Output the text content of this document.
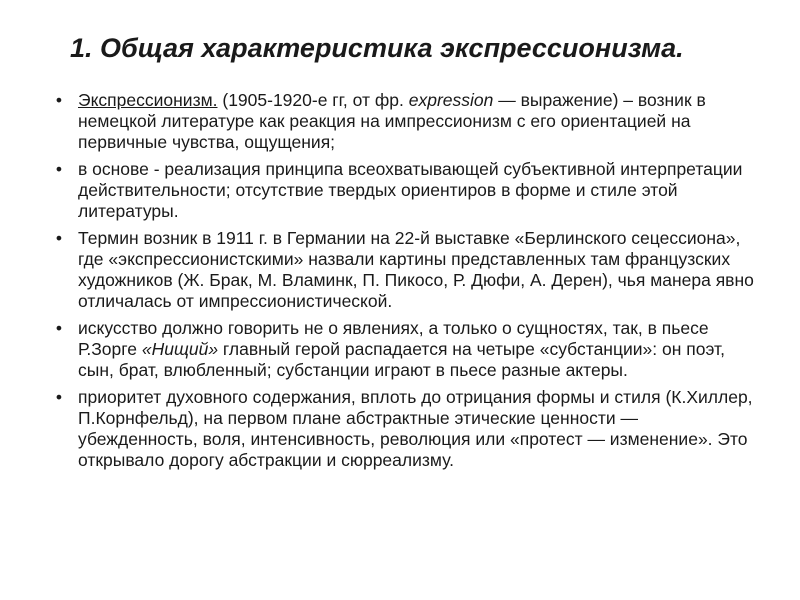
1. Общая характеристика экспрессионизма.
• Экспрессионизм. (1905-1920-е гг, от фр. expression — выражение) – возник в немецкой литературе как реакция на импрессионизм с его ориентацией на первичные чувства, ощущения;
• в основе - реализация принципа всеохватывающей субъективной интерпретации действительности; отсутствие твердых ориентиров в форме и стиле этой литературы.
• Термин возник в 1911 г. в Германии на 22-й выставке «Берлинского сецессиона», где «экспрессионистскими» назвали картины представленных там французских художников (Ж. Брак, М. Вламинк, П. Пикосо, Р. Дюфи, А. Дерен), чья манера явно отличалась от импрессионистической.
• искусство должно говорить не о явлениях, а только о сущностях, так, в пьесе Р.Зорге «Нищий» главный герой распадается на четыре «субстанции»: он поэт, сын, брат, влюбленный; субстанции играют в пьесе разные актеры.
• приоритет духовного содержания, вплоть до отрицания формы и стиля (К.Хиллер, П.Корнфельд), на первом плане абстрактные этические ценности — убежденность, воля, интенсивность, революция или «протест — изменение». Это открывало дорогу абстракции и сюрреализму.
